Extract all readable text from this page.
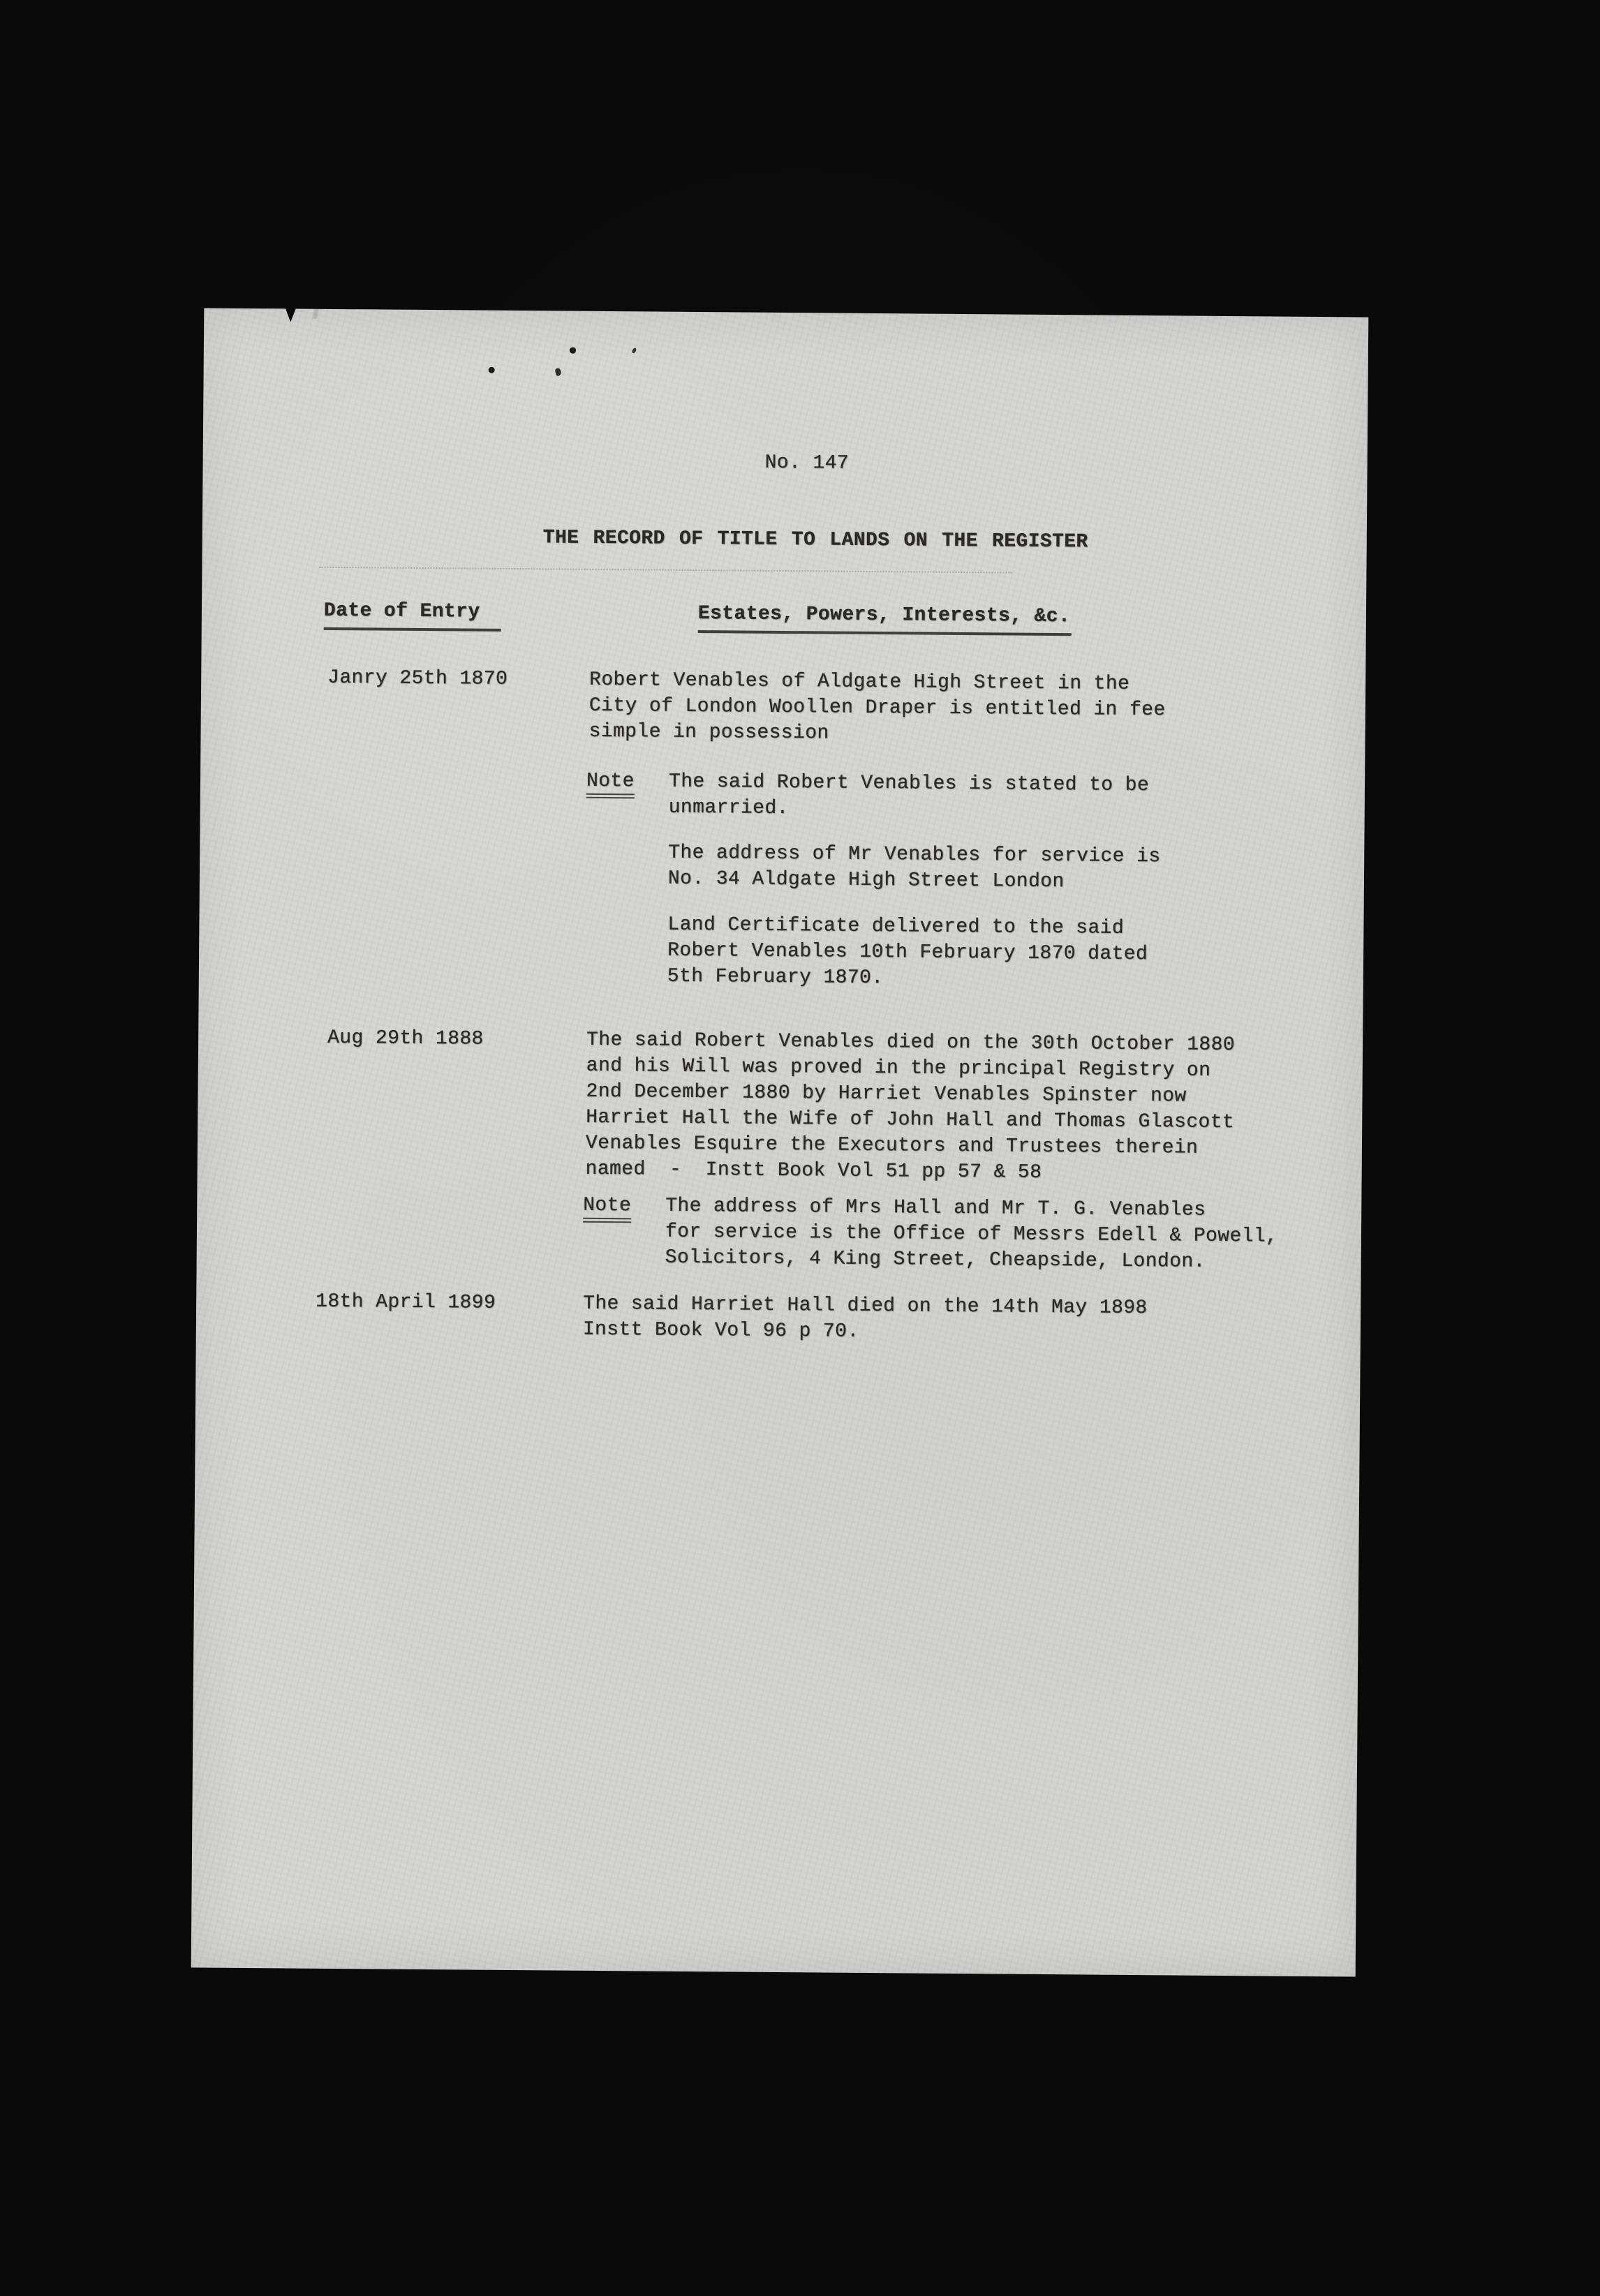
No. 147
THE RECORD OF TITLE TO LANDS ON THE REGISTER
Date of Entry	Estates, Powers, Interests, &c.
Janry 25th 1870	Robert Venables of Aldgate High Street in the
City of London Woollen Draper is entitled in fee
simple in possession
Note The said Robert Venables is stated to be
unmarried.
The address of Mr Venables for service is
No. 34 Aldgate High Street London
Land Certificate delivered to the said
Robert Venables 10th February 1870 dated
5th February 1870.
Aug 29th 1888	The said Robert Venables died on the 30th October 1880
and his Will was proved in the principal Registry on
2nd December 1880 by Harriet Venables Spinster now
Harriet Hall the Wife of John Hall and Thomas Glascott
Venables Esquire the Executors and Trustees therein
named  -  Instt Book Vol 51 pp 57 & 58
Note The address of Mrs Hall and Mr T. G. Venables
for service is the Office of Messrs Edell & Powell,
Solicitors, 4 King Street, Cheapside, London.
18th April 1899	The said Harriet Hall died on the 14th May 1898
Instt Book Vol 96 p 70.
